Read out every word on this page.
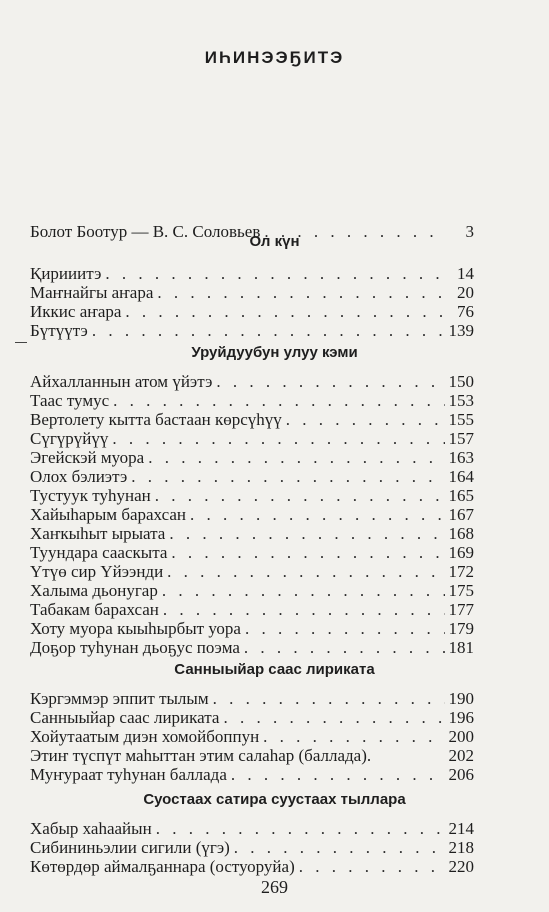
ИҺИНЭЭҔИТЭ
Болот Боотур — В. С. Соловьев . . .	3
Ол күн
Қирииитэ . . .	14
Маҥнайгы аҥара . . .	20
Иккис аҥара . . .	76
Бүтүүтэ . . .	139
Уруйдуубун улуу кэми
Айхалланнын атом үйэтэ . . .	150
Таас тумус . . .	153
Вертолету кытта бастаан көрсүһүү . . .	155
Сүгүрүйүү . . .	157
Эгейскэй муора . . .	163
Олох бэлиэтэ . . .	164
Тустуук туһунан . . .	165
Хайыһарым барахсан . . .	167
Хаҥкыһыт ырыата . . .	168
Туундара сааскыта . . .	169
Үтүө сир Үйээнди . . .	172
Халыма дьонугар . . .	175
Табакам барахсан . . .	177
Хоту муора кыыһырбыт уора . . .	179
Доҕор туһунан дьоҕус поэма . . .	181
Санныыйар саас лириката
Кэргэммэр эппит тылым . . .	190
Санныыйар саас лириката . . .	196
Хойутаатым диэн хомойбоппун . . .	200
Этиҥ түспүт маһыттан этим салаһар (баллада).	202
Муҥураат туһунан баллада . . .	206
Суостаах сатира суустаах тыллара
Хабыр хаһаайын . . .	214
Сибининьэлии сигили (үгэ) . . .	218
Көтөрдөр аймалҕаннара (остуоруйа) . . .	220
269
